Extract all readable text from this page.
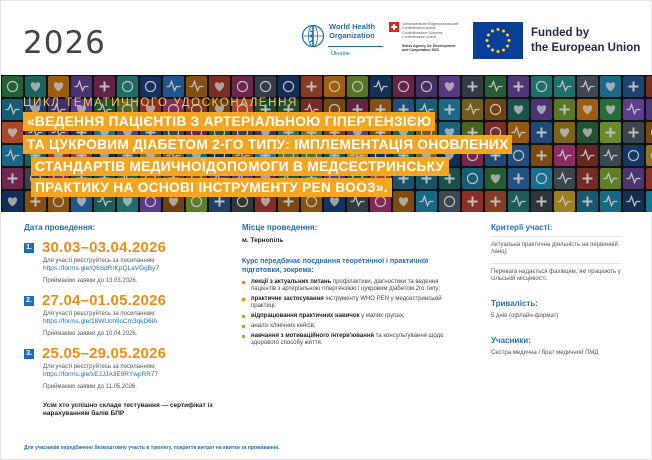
2026	World Health
Organization
Ukraine
Schweizerische Eidgenossenschaft
Confédération suisse
Confederazione Svizzera
Confederaziun svizra
Swiss Agency for Development
and Cooperation SDC
Funded by
the European Union
ЦИКЛ ТЕМАТИЧНОГО УДОСКОНАЛЕННЯ
«ВЕДЕННЯ ПАЦІЄНТІВ З АРТЕРІАЛЬНОЮ ГІПЕРТЕНЗІЄЮ
ТА ЦУКРОВИМ ДІАБЕТОМ 2-ГО ТИПУ: ІМПЛЕМЕНТАЦІЯ ОНОВЛЕНИХ
СТАНДАРТІВ МЕДИЧНОЇДОПОМОГИ В МЕДСЕСТРИНСЬКУ
ПРАКТИКУ НА ОСНОВІ ІНСТРУМЕНТУ PEN ВООЗ».
Дата проведення:
1. 30.03–03.04.2026
Для участі реєструйтесь за посиланням:
https://forms.gle/Q6SdRrKpQLaVGgBy7
Приймаємо заявки до 13.03.2026.
2. 27.04–01.05.2026
Для участі реєструйтесь за посиланням:
https://forms.gle/18WUch9sCm3qkD6lA
Приймаємо заявки до 10.04.2026.
3. 25.05–29.05.2026
Для участі реєструйтесь за посиланням:
https://forms.gle/xEJJJA3E9RYwpRR77
Приймаємо заявки до 11.05.2026.
Усім хто успішно складе тестування — сертифікат із нарахуванням балів БПР
Місце проведення:
м. Тернопіль
Курс передбачає поєднання теоретичної і практичної підготовки, зокрема:
лекції з актуальних питань профілактики, діагностики та ведення пацієнтів з артеріальною гіпертензією і цукровим діабетом 2го типу;
практичне застосування інструменту WHO PEN у медсестринській практиці;
відпрацювання практичних навичок у малих групах;
аналіз клінічних кейсів;
навчання з мотиваційного інтерв'ювання та консультування щодо здорового способу життя.
Критерії участі:
Актуальна практична діяльність на первинній ланці;
Перевага надається фахівцям, які працюють у сільській місцевості.
Тривалість:
5 днів (офлайн-формат)
Учасники:
Сестра медична / брат медичний ПМД
Для учасників передбачено безкоштовну участь в тренінгу, покриття витрат на квитки та проживання.
